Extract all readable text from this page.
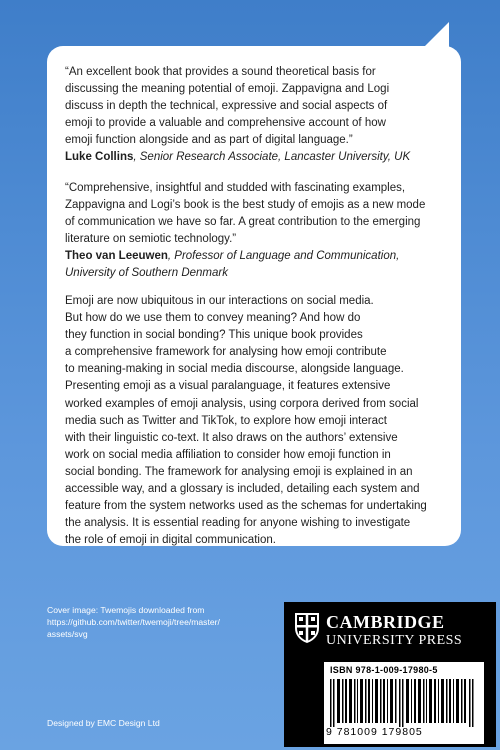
“An excellent book that provides a sound theoretical basis for
discussing the meaning potential of emoji. Zappavigna and Logi
discuss in depth the technical, expressive and social aspects of
emoji to provide a valuable and comprehensive account of how
emoji function alongside and as part of digital language.”
Luke Collins, Senior Research Associate, Lancaster University, UK
“Comprehensive, insightful and studded with fascinating examples,
Zappavigna and Logi’s book is the best study of emojis as a new mode
of communication we have so far. A great contribution to the emerging
literature on semiotic technology.”
Theo van Leeuwen, Professor of Language and Communication,
University of Southern Denmark
Emoji are now ubiquitous in our interactions on social media.
But how do we use them to convey meaning? And how do
they function in social bonding? This unique book provides
a comprehensive framework for analysing how emoji contribute
to meaning-making in social media discourse, alongside language.
Presenting emoji as a visual paralanguage, it features extensive
worked examples of emoji analysis, using corpora derived from social
media such as Twitter and TikTok, to explore how emoji interact
with their linguistic co-text. It also draws on the authors’ extensive
work on social media affiliation to consider how emoji function in
social bonding. The framework for analysing emoji is explained in an
accessible way, and a glossary is included, detailing each system and
feature from the system networks used as the schemas for undertaking
the analysis. It is essential reading for anyone wishing to investigate
the role of emoji in digital communication.
Cover image: Twemojis downloaded from
https://github.com/twitter/twemoji/tree/master/
assets/svg
Designed by EMC Design Ltd
CAMBRIDGE
UNIVERSITY PRESS
ISBN 978-1-009-17980-5
9 781009 179805
